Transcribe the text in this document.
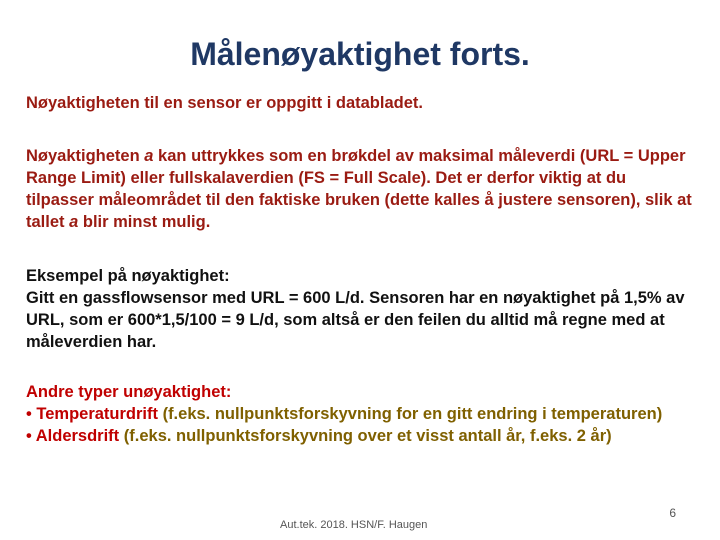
Målenøyaktighet forts.

Nøyaktigheten til en sensor er oppgitt i databladet.

Nøyaktigheten a kan uttrykkes som en brøkdel av maksimal måleverdi (URL = Upper Range Limit) eller fullskalaverdien (FS = Full Scale). Det er derfor viktig at du tilpasser måleområdet til den faktiske bruken (dette kalles å justere sensoren), slik at tallet a blir minst mulig.

Eksempel på nøyaktighet:
Gitt en gassflowsensor med URL = 600 L/d. Sensoren har en nøyaktighet på 1,5% av URL, som er 600*1,5/100 = 9 L/d, som altså er den feilen du alltid må regne med at måleverdien har.
Andre typer unøyaktighet:
• Temperaturdrift (f.eks. nullpunktsforskyvning for en gitt endring i temperaturen)
• Aldersdrift (f.eks. nullpunktsforskyvning over et visst antall år, f.eks. 2 år)
Aut.tek. 2018. HSN/F. Haugen
6
